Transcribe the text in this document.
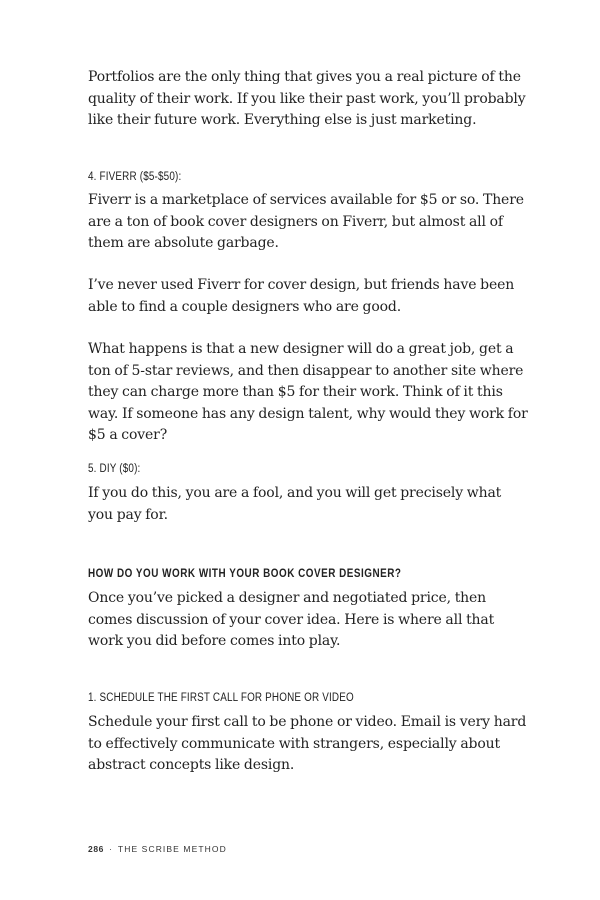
Portfolios are the only thing that gives you a real picture of the quality of their work. If you like their past work, you’ll probably like their future work. Everything else is just marketing.

4. FIVERR ($5-$50):

Fiverr is a marketplace of services available for $5 or so. There are a ton of book cover designers on Fiverr, but almost all of them are absolute garbage.

I’ve never used Fiverr for cover design, but friends have been able to find a couple designers who are good.

What happens is that a new designer will do a great job, get a ton of 5-star reviews, and then disappear to another site where they can charge more than $5 for their work. Think of it this way. If someone has any design talent, why would they work for $5 a cover?

5. DIY ($0):

If you do this, you are a fool, and you will get precisely what you pay for.

HOW DO YOU WORK WITH YOUR BOOK COVER DESIGNER?

Once you’ve picked a designer and negotiated price, then comes discussion of your cover idea. Here is where all that work you did before comes into play.

1. SCHEDULE THE FIRST CALL FOR PHONE OR VIDEO

Schedule your first call to be phone or video. Email is very hard to effectively communicate with strangers, especially about abstract concepts like design.

286 · THE SCRIBE METHOD
